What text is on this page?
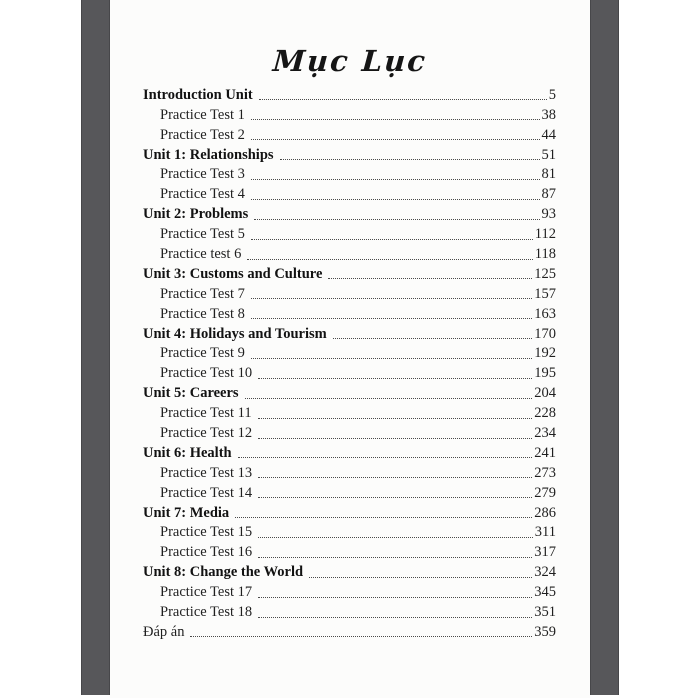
Mục Lục
Introduction Unit	5
Practice Test 1	38
Practice Test 2	44
Unit 1: Relationships	51
Practice Test 3	81
Practice Test 4	87
Unit 2: Problems	93
Practice Test 5	112
Practice test 6	118
Unit 3: Customs and Culture	125
Practice Test 7	157
Practice Test 8	163
Unit 4: Holidays and Tourism	170
Practice Test 9	192
Practice Test 10	195
Unit 5: Careers	204
Practice Test 11	228
Practice Test 12	234
Unit 6: Health	241
Practice Test 13	273
Practice Test 14	279
Unit 7: Media	286
Practice Test 15	311
Practice Test 16	317
Unit 8: Change the World	324
Practice Test 17	345
Practice Test 18	351
Đáp án	359
